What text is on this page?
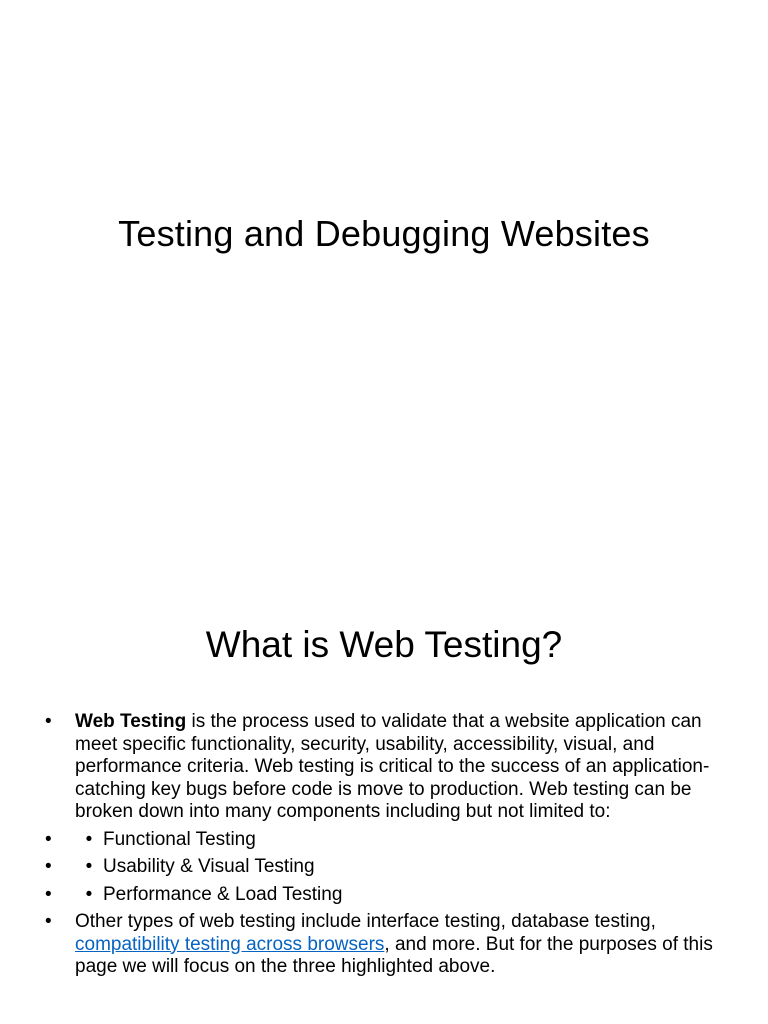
Testing and Debugging Websites
What is Web Testing?
• Web Testing is the process used to validate that a website application can meet specific functionality, security, usability, accessibility, visual, and performance criteria. Web testing is critical to the success of an application-catching key bugs before code is move to production. Web testing can be broken down into many components including but not limited to:
• • Functional Testing
• • Usability & Visual Testing
• • Performance & Load Testing
• Other types of web testing include interface testing, database testing, compatibility testing across browsers, and more. But for the purposes of this page we will focus on the three highlighted above.
